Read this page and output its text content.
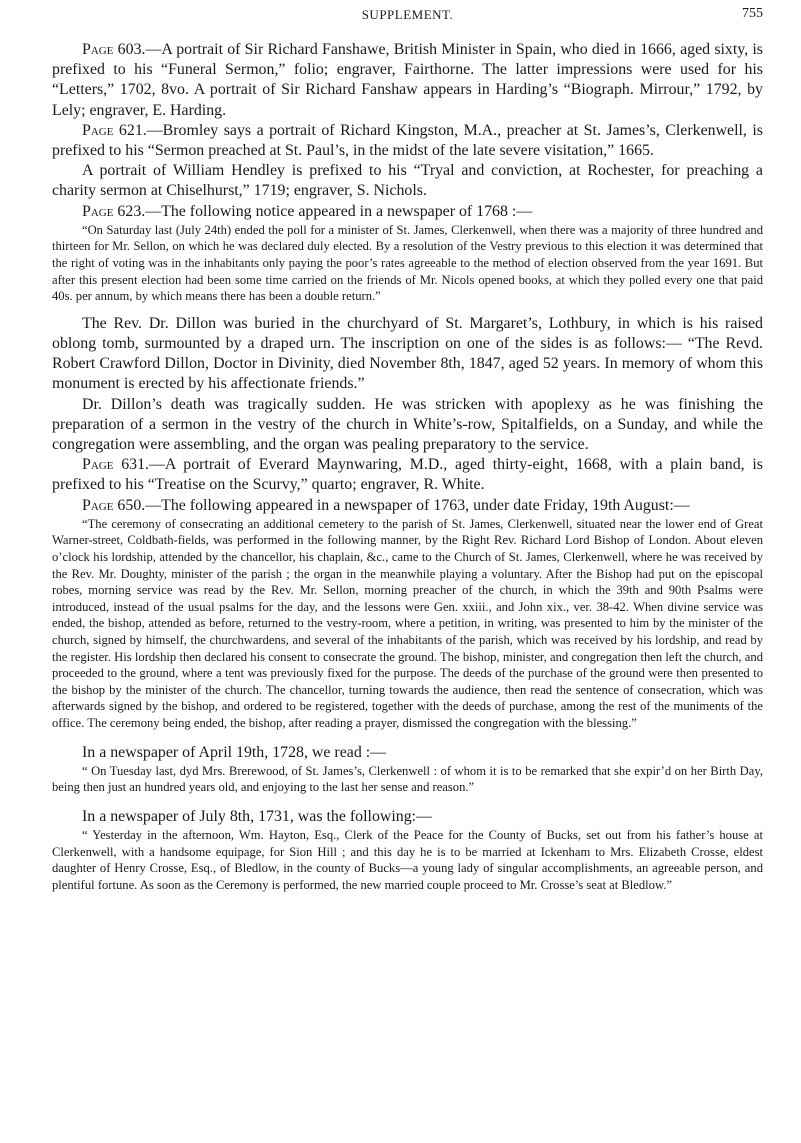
SUPPLEMENT.	755

Page 603.—A portrait of Sir Richard Fanshawe, British Minister in Spain, who died in 1666, aged sixty, is prefixed to his “Funeral Sermon,” folio; engraver, Fairthorne. The latter impressions were used for his “Letters,” 1702, 8vo. A portrait of Sir Richard Fanshaw appears in Harding’s “Biograph. Mirrour,” 1792, by Lely; engraver, E. Harding.

Page 621.—Bromley says a portrait of Richard Kingston, M.A., preacher at St. James’s, Clerkenwell, is prefixed to his “Sermon preached at St. Paul’s, in the midst of the late severe visitation,” 1665.

A portrait of William Hendley is prefixed to his “Tryal and conviction, at Rochester, for preaching a charity sermon at Chiselhurst,” 1719; engraver, S. Nichols.

Page 623.—The following notice appeared in a newspaper of 1768 :—

“On Saturday last (July 24th) ended the poll for a minister of St. James, Clerkenwell, when there was a majority of three hundred and thirteen for Mr. Sellon, on which he was declared duly elected. By a resolution of the Vestry previous to this election it was determined that the right of voting was in the inhabitants only paying the poor’s rates agreeable to the method of election observed from the year 1691. But after this present election had been some time carried on the friends of Mr. Nicols opened books, at which they polled every one that paid 40s. per annum, by which means there has been a double return.”

The Rev. Dr. Dillon was buried in the churchyard of St. Margaret’s, Lothbury, in which is his raised oblong tomb, surmounted by a draped urn. The inscription on one of the sides is as follows:— “The Revd. Robert Crawford Dillon, Doctor in Divinity, died November 8th, 1847, aged 52 years. In memory of whom this monument is erected by his affectionate friends.”

Dr. Dillon’s death was tragically sudden. He was stricken with apoplexy as he was finishing the preparation of a sermon in the vestry of the church in White’s-row, Spitalfields, on a Sunday, and while the congregation were assembling, and the organ was pealing preparatory to the service.

Page 631.—A portrait of Everard Maynwaring, M.D., aged thirty-eight, 1668, with a plain band, is prefixed to his “Treatise on the Scurvy,” quarto; engraver, R. White.

Page 650.—The following appeared in a newspaper of 1763, under date Friday, 19th August:—

“The ceremony of consecrating an additional cemetery to the parish of St. James, Clerkenwell, situated near the lower end of Great Warner-street, Coldbath-fields, was performed in the following manner, by the Right Rev. Richard Lord Bishop of London. About eleven o’clock his lordship, attended by the chancellor, his chaplain, &c., came to the Church of St. James, Clerkenwell, where he was received by the Rev. Mr. Doughty, minister of the parish ; the organ in the meanwhile playing a voluntary. After the Bishop had put on the episcopal robes, morning service was read by the Rev. Mr. Sellon, morning preacher of the church, in which the 39th and 90th Psalms were introduced, instead of the usual psalms for the day, and the lessons were Gen. xxiii., and John xix., ver. 38-42. When divine service was ended, the bishop, attended as before, returned to the vestry-room, where a petition, in writing, was presented to him by the minister of the church, signed by himself, the churchwardens, and several of the inhabitants of the parish, which was received by his lordship, and read by the register. His lordship then declared his consent to consecrate the ground. The bishop, minister, and congregation then left the church, and proceeded to the ground, where a tent was previously fixed for the purpose. The deeds of the purchase of the ground were then presented to the bishop by the minister of the church. The chancellor, turning towards the audience, then read the sentence of consecration, which was afterwards signed by the bishop, and ordered to be registered, together with the deeds of purchase, among the rest of the muniments of the office. The ceremony being ended, the bishop, after reading a prayer, dismissed the congregation with the blessing.”

In a newspaper of April 19th, 1728, we read :—

“ On Tuesday last, dyd Mrs. Brerewood, of St. James’s, Clerkenwell : of whom it is to be remarked that she expir’d on her Birth Day, being then just an hundred years old, and enjoying to the last her sense and reason.”

In a newspaper of July 8th, 1731, was the following:—

“ Yesterday in the afternoon, Wm. Hayton, Esq., Clerk of the Peace for the County of Bucks, set out from his father’s house at Clerkenwell, with a handsome equipage, for Sion Hill ; and this day he is to be married at Ickenham to Mrs. Elizabeth Crosse, eldest daughter of Henry Crosse, Esq., of Bledlow, in the county of Bucks—a young lady of singular accomplishments, an agreeable person, and plentiful fortune. As soon as the Ceremony is performed, the new married couple proceed to Mr. Crosse’s seat at Bledlow.”
